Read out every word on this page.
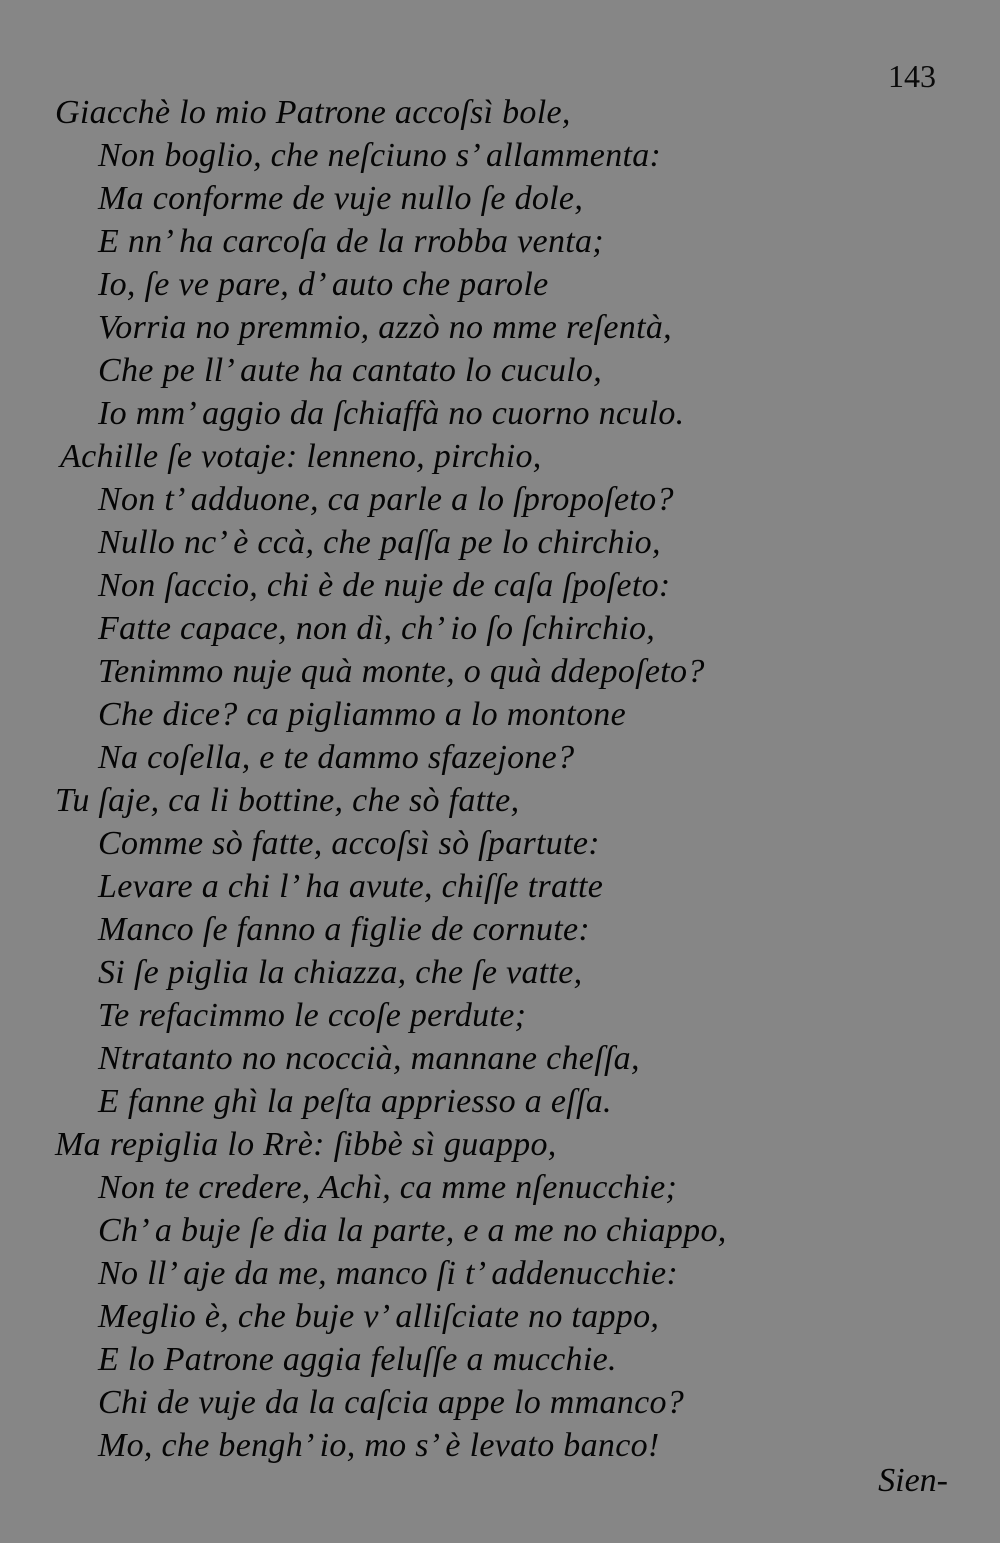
143
Giacchè lo mio Patrone accoſsì bole,
Non boglio, che neſciuno s’ allammenta:
Ma conforme de vuje nullo ſe dole,
E nn’ ha carcoſa de la rrobba venta;
Io, ſe ve pare, d’ auto che parole
Vorria no premmio, azzò no mme reſentà,
Che pe ll’ aute ha cantato lo cuculo,
Io mm’ aggio da ſchiaffà no cuorno nculo.
Achille ſe votaje: lenneno, pirchio,
Non t’ adduone, ca parle a lo ſpropoſeto?
Nullo nc’ è ccà, che paſſa pe lo chirchio,
Non ſaccio, chi è de nuje de caſa ſpoſeto:
Fatte capace, non dì, ch’ io ſo ſchirchio,
Tenimmo nuje quà monte, o quà ddepoſeto?
Che dice? ca pigliammo a lo montone
Na coſella, e te dammo sfazejone?
Tu ſaje, ca li bottine, che sò fatte,
Comme sò fatte, accoſsì sò ſpartute:
Levare a chi l’ ha avute, chiſſe tratte
Manco ſe fanno a figlie de cornute:
Si ſe piglia la chiazza, che ſe vatte,
Te refacimmo le ccoſe perdute;
Ntratanto no ncoccià, mannane cheſſa,
E fanne ghì la peſta appriesso a eſſa.
Ma repiglia lo Rrè: ſibbè sì guappo,
Non te credere, Achì, ca mme nſenucchie;
Ch’ a buje ſe dia la parte, e a me no chiappo,
No ll’ aje da me, manco ſi t’ addenucchie:
Meglio è, che buje v’ alliſciate no tappo,
E lo Patrone aggia feluſſe a mucchie.
Chi de vuje da la caſcia appe lo mmanco?
Mo, che bengh’ io, mo s’ è levato banco!
Sien-
